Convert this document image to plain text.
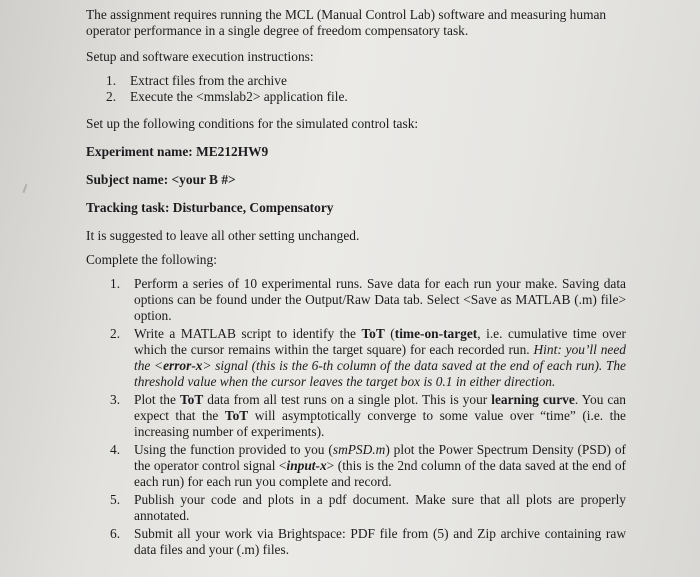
The assignment requires running the MCL (Manual Control Lab) software and measuring human operator performance in a single degree of freedom compensatory task.

Setup and software execution instructions:

1. Extract files from the archive
2. Execute the <mmslab2> application file.

Set up the following conditions for the simulated control task:

Experiment name: ME212HW9

Subject name: <your B #>

Tracking task: Disturbance, Compensatory

It is suggested to leave all other setting unchanged.

Complete the following:

1. Perform a series of 10 experimental runs. Save data for each run your make. Saving data options can be found under the Output/Raw Data tab. Select <Save as MATLAB (.m) file> option.
2. Write a MATLAB script to identify the ToT (time-on-target, i.e. cumulative time over which the cursor remains within the target square) for each recorded run. Hint: you’ll need the <error-x> signal (this is the 6-th column of the data saved at the end of each run). The threshold value when the cursor leaves the target box is 0.1 in either direction.
3. Plot the ToT data from all test runs on a single plot. This is your learning curve. You can expect that the ToT will asymptotically converge to some value over “time” (i.e. the increasing number of experiments).
4. Using the function provided to you (smPSD.m) plot the Power Spectrum Density (PSD) of the operator control signal <input-x> (this is the 2nd column of the data saved at the end of each run) for each run you complete and record.
5. Publish your code and plots in a pdf document. Make sure that all plots are properly annotated.
6. Submit all your work via Brightspace: PDF file from (5) and Zip archive containing raw data files and your (.m) files.
